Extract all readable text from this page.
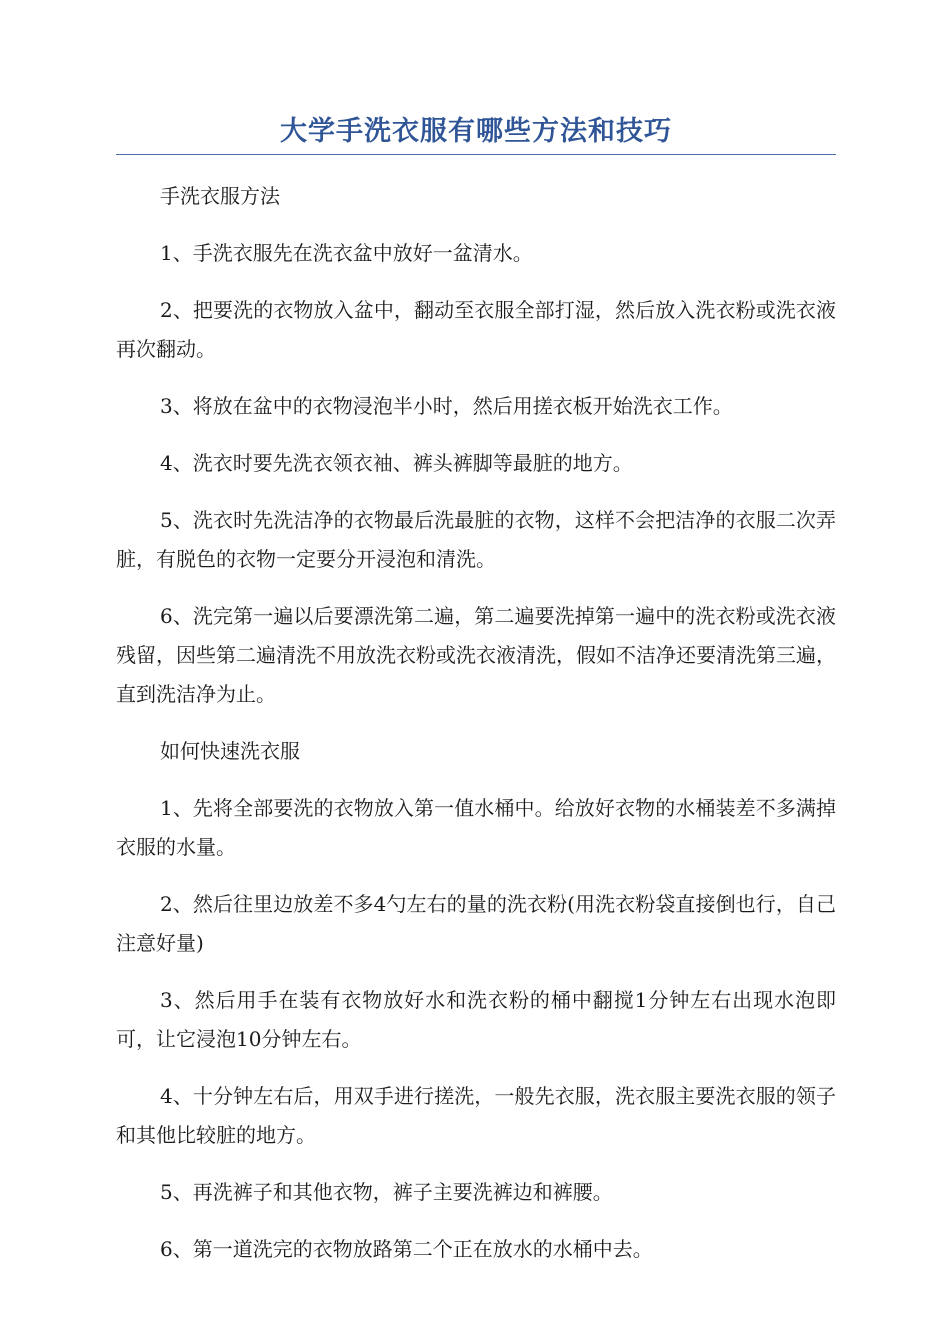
大学手洗衣服有哪些方法和技巧

手洗衣服方法

1、手洗衣服先在洗衣盆中放好一盆清水。

2、把要洗的衣物放入盆中，翻动至衣服全部打湿，然后放入洗衣粉或洗衣液再次翻动。

3、将放在盆中的衣物浸泡半小时，然后用搓衣板开始洗衣工作。

4、洗衣时要先洗衣领衣袖、裤头裤脚等最脏的地方。

5、洗衣时先洗洁净的衣物最后洗最脏的衣物，这样不会把洁净的衣服二次弄脏，有脱色的衣物一定要分开浸泡和清洗。

6、洗完第一遍以后要漂洗第二遍，第二遍要洗掉第一遍中的洗衣粉或洗衣液残留，因些第二遍清洗不用放洗衣粉或洗衣液清洗，假如不洁净还要清洗第三遍，直到洗洁净为止。

如何快速洗衣服

1、先将全部要洗的衣物放入第一值水桶中。给放好衣物的水桶装差不多满掉衣服的水量。

2、然后往里边放差不多4勺左右的量的洗衣粉(用洗衣粉袋直接倒也行，自己注意好量)

3、然后用手在装有衣物放好水和洗衣粉的桶中翻搅1分钟左右出现水泡即可，让它浸泡10分钟左右。

4、十分钟左右后，用双手进行搓洗，一般先衣服，洗衣服主要洗衣服的领子和其他比较脏的地方。

5、再洗裤子和其他衣物，裤子主要洗裤边和裤腰。

6、第一道洗完的衣物放路第二个正在放水的水桶中去。
